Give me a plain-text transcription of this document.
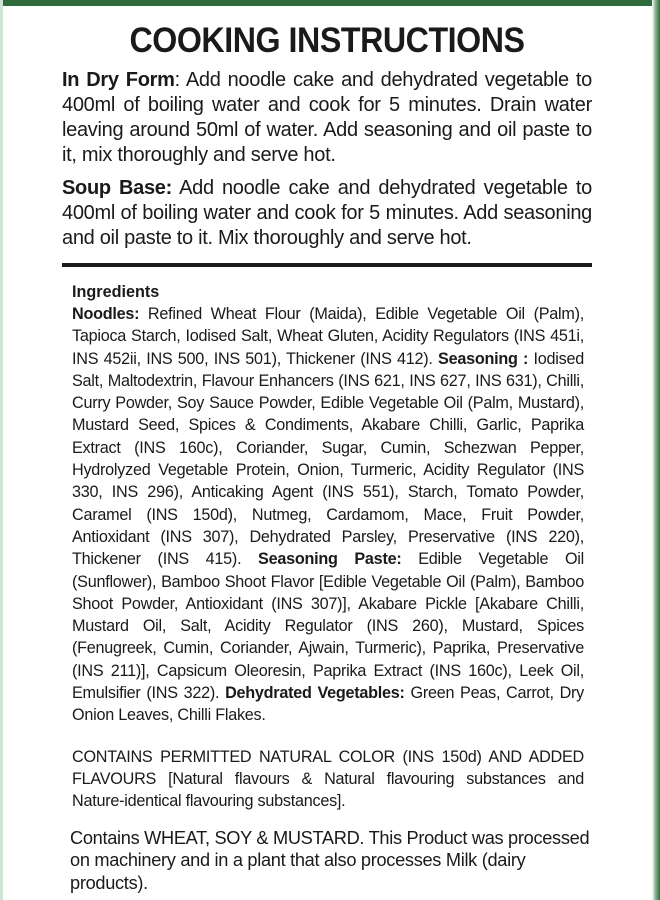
COOKING INSTRUCTIONS

In Dry Form: Add noodle cake and dehydrated vegetable to 400ml of boiling water and cook for 5 minutes. Drain water leaving around 50ml of water. Add seasoning and oil paste to it, mix thoroughly and serve hot.

Soup Base: Add noodle cake and dehydrated vegetable to 400ml of boiling water and cook for 5 minutes. Add seasoning and oil paste to it. Mix thoroughly and serve hot.

Ingredients
Noodles: Refined Wheat Flour (Maida), Edible Vegetable Oil (Palm), Tapioca Starch, Iodised Salt, Wheat Gluten, Acidity Regulators (INS 451i, INS 452ii, INS 500, INS 501), Thickener (INS 412). Seasoning : Iodised Salt, Maltodextrin, Flavour Enhancers (INS 621, INS 627, INS 631), Chilli, Curry Powder, Soy Sauce Powder, Edible Vegetable Oil (Palm, Mustard), Mustard Seed, Spices & Condiments, Akabare Chilli, Garlic, Paprika Extract (INS 160c), Coriander, Sugar, Cumin, Schezwan Pepper, Hydrolyzed Vegetable Protein, Onion, Turmeric, Acidity Regulator (INS 330, INS 296), Anticaking Agent (INS 551), Starch, Tomato Powder, Caramel (INS 150d), Nutmeg, Cardamom, Mace, Fruit Powder, Antioxidant (INS 307), Dehydrated Parsley, Preservative (INS 220), Thickener (INS 415). Seasoning Paste: Edible Vegetable Oil (Sunflower), Bamboo Shoot Flavor [Edible Vegetable Oil (Palm), Bamboo Shoot Powder, Antioxidant (INS 307)], Akabare Pickle [Akabare Chilli, Mustard Oil, Salt, Acidity Regulator (INS 260), Mustard, Spices (Fenugreek, Cumin, Coriander, Ajwain, Turmeric), Paprika, Preservative (INS 211)], Capsicum Oleoresin, Paprika Extract (INS 160c), Leek Oil, Emulsifier (INS 322). Dehydrated Vegetables: Green Peas, Carrot, Dry Onion Leaves, Chilli Flakes.
CONTAINS PERMITTED NATURAL COLOR (INS 150d) AND ADDED FLAVOURS [Natural flavours & Natural flavouring substances and Nature-identical flavouring substances].
Contains WHEAT, SOY & MUSTARD. This Product was processed on machinery and in a plant that also processes Milk (dairy products).
